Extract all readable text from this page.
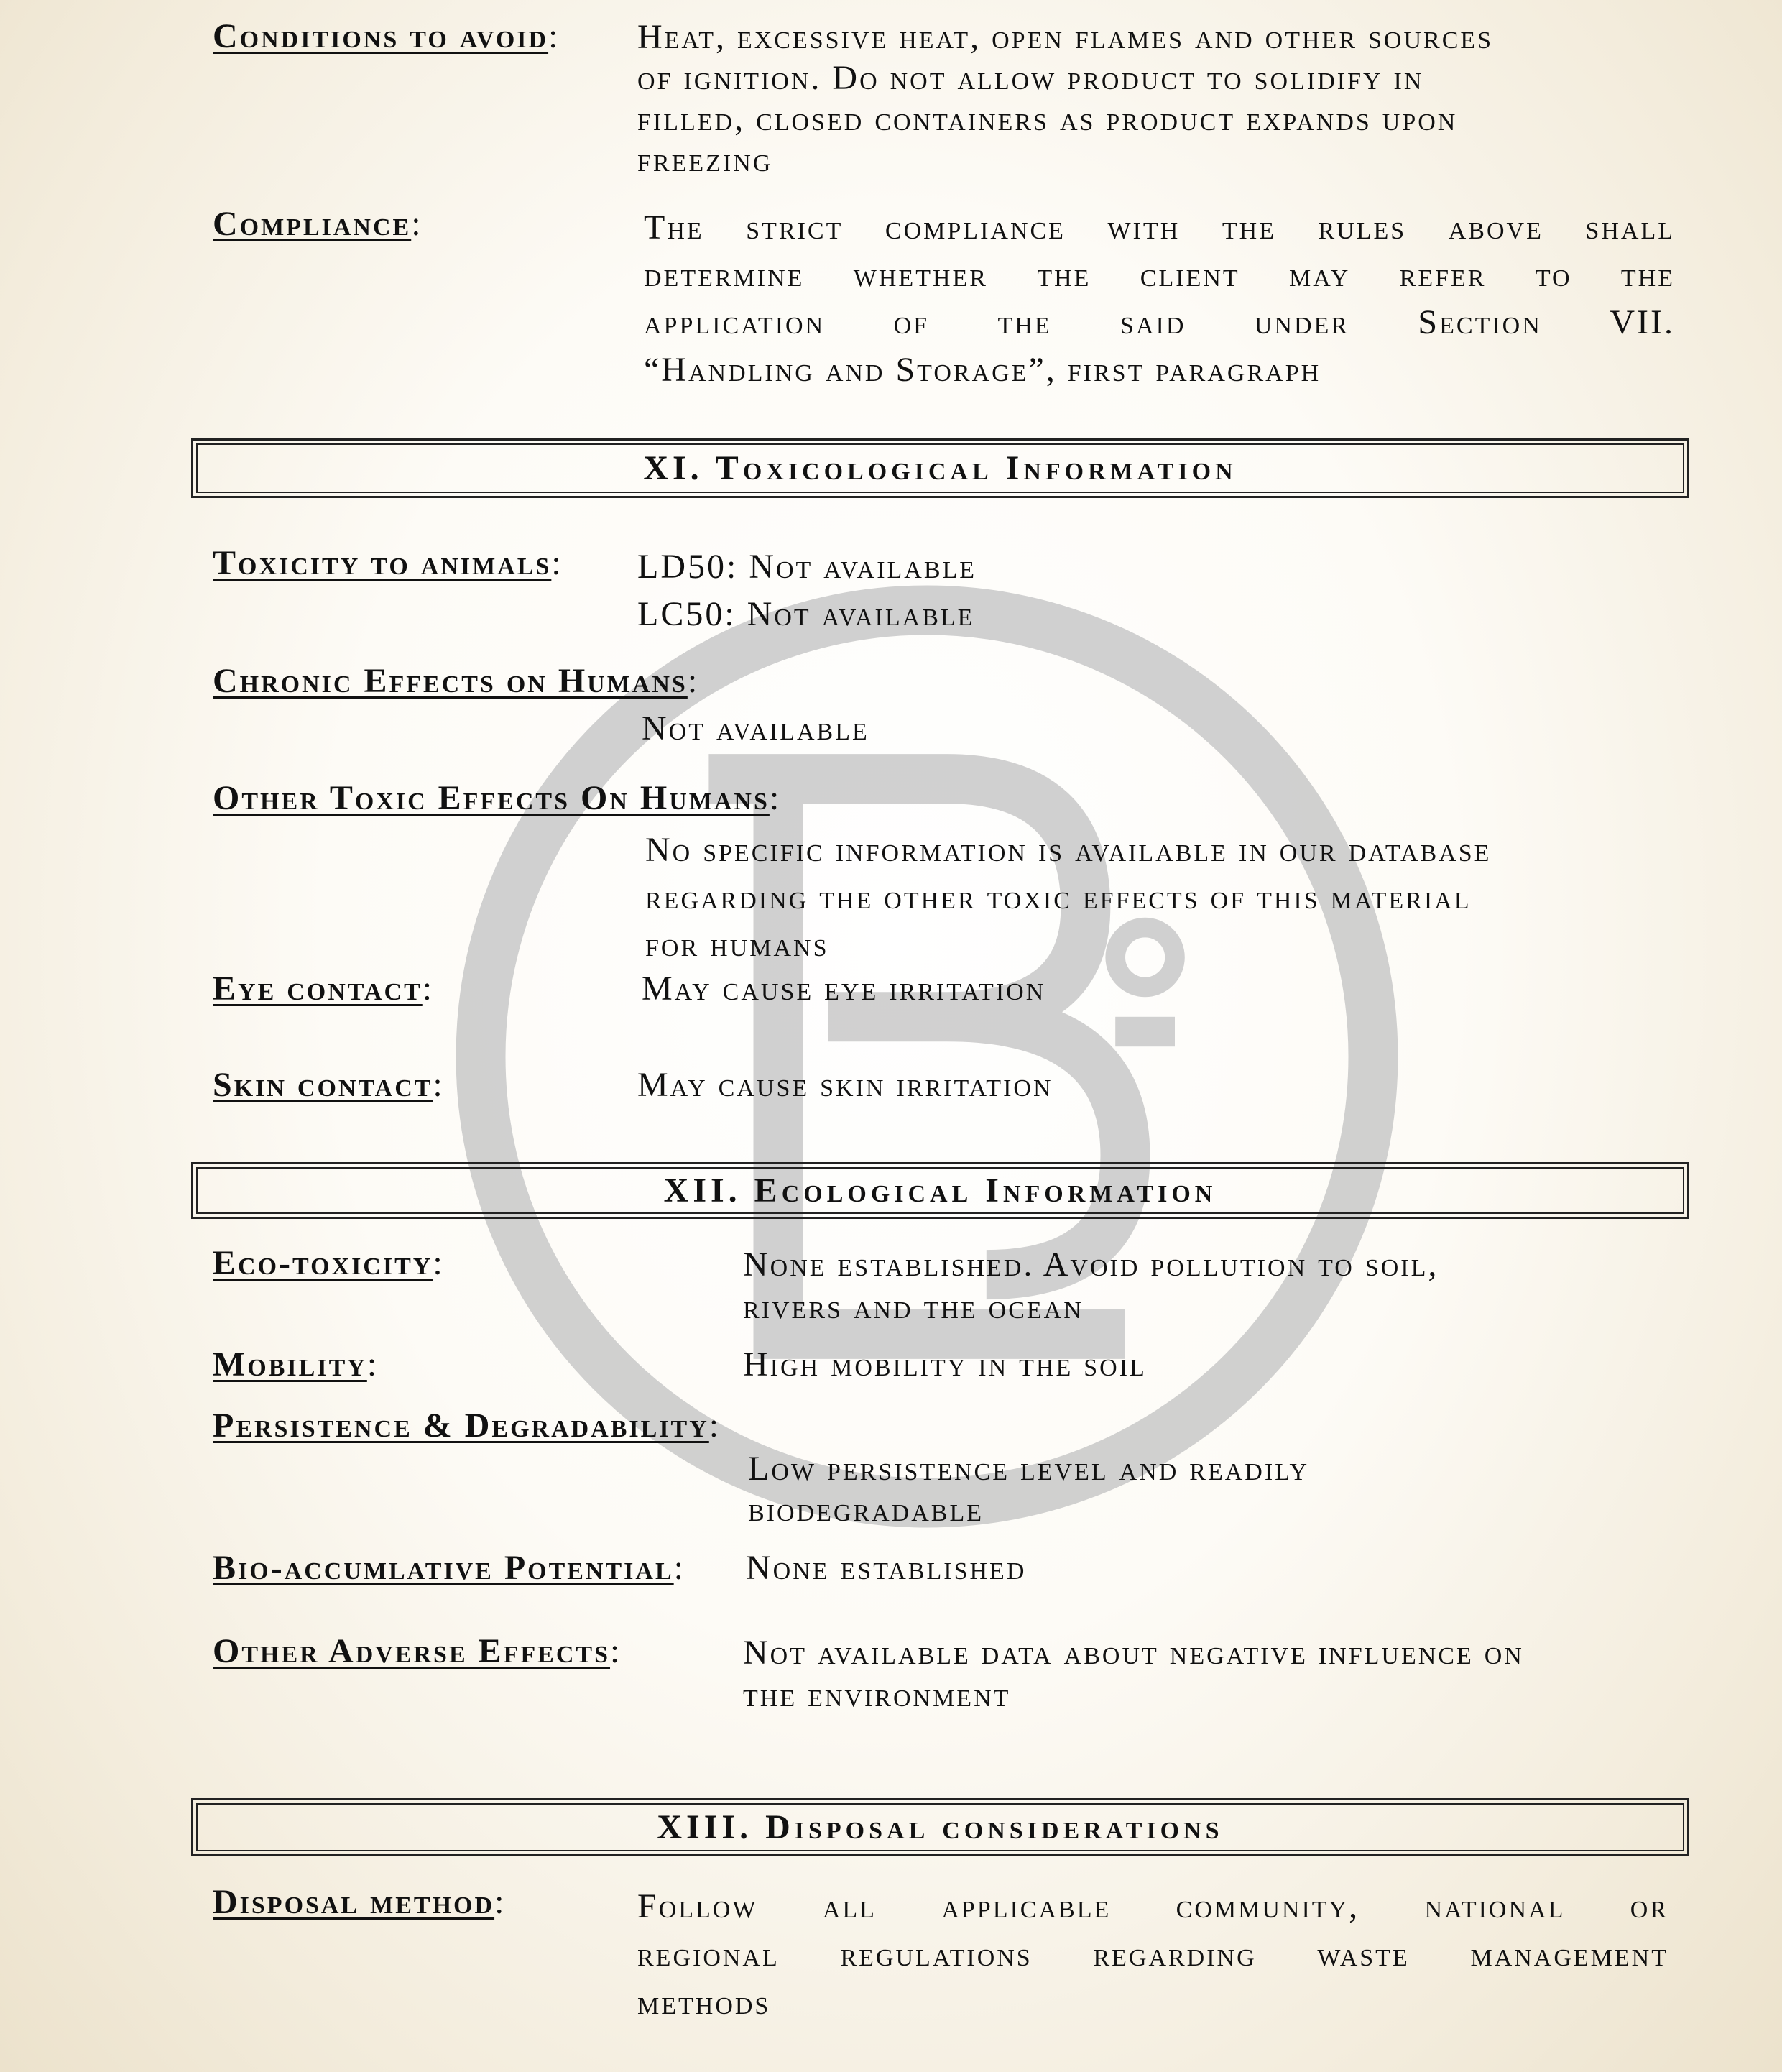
Conditions to avoid: Heat, excessive heat, open flames and other sources
of ignition. Do not allow product to solidify in
filled, closed containers as product expands upon
freezing
Compliance:	The strict compliance with the rules above shall
determine whether the client may refer to the
application of the said under Section VII.
“Handling and Storage”, first paragraph
XI. Toxicological Information
Toxicity to animals: LD50: Not available
LC50: Not available
Chronic Effects on Humans:
Not available
Other Toxic Effects On Humans:
No specific information is available in our database
regarding the other toxic effects of this material
for humans
Eye contact:	May cause eye irritation
Skin contact:	May cause skin irritation
XII. Ecological Information
Eco-toxicity:	None established. Avoid pollution to soil,
rivers and the ocean
Mobility:	High mobility in the soil
Persistence & Degradability:
Low persistence level and readily
biodegradable
Bio-accumlative Potential: None established
Other Adverse Effects:	Not available data about negative influence on
the environment
XIII. Disposal considerations
Disposal method:	Follow all applicable community, national or
regional regulations regarding waste management
methods
